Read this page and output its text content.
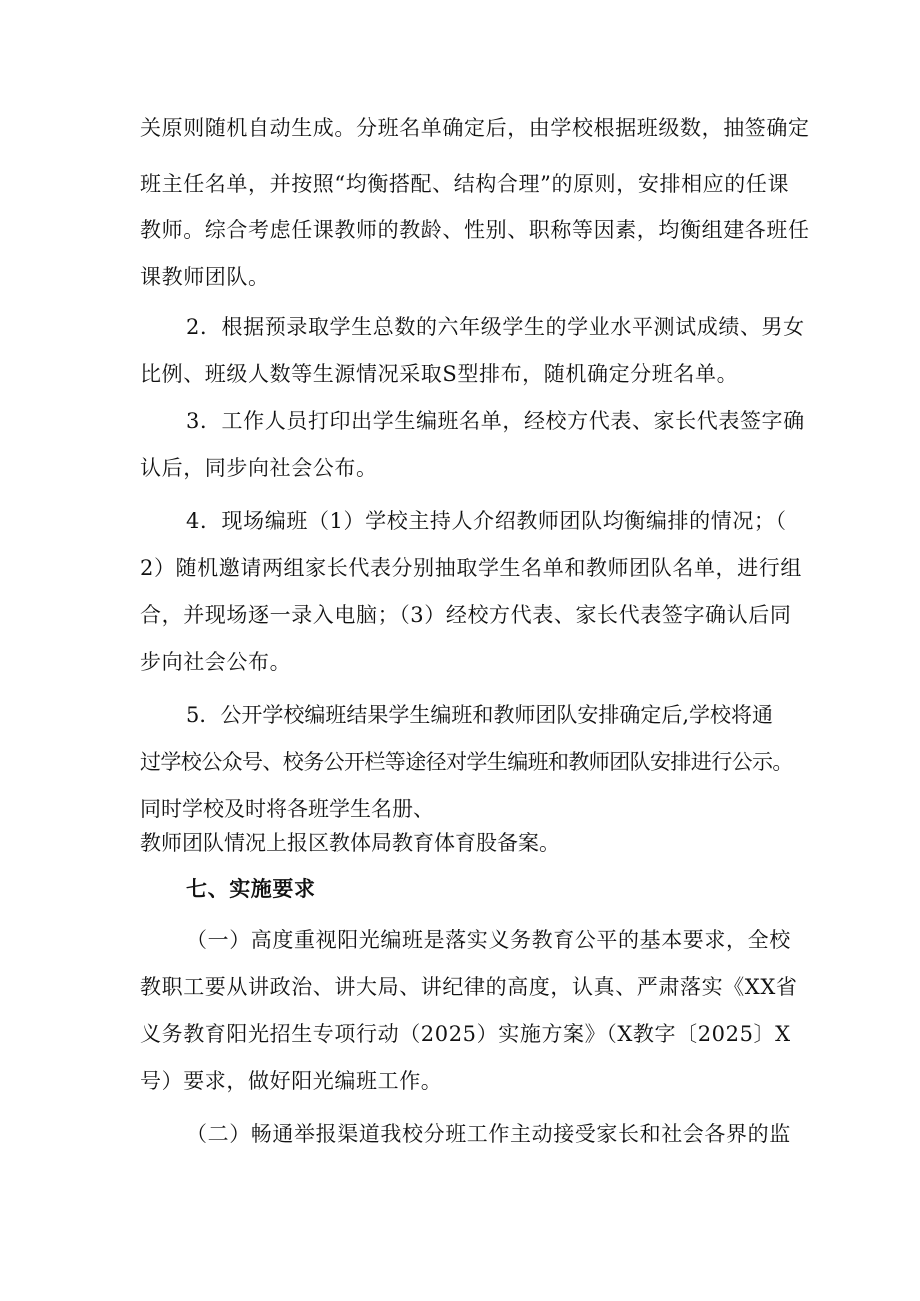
关原则随机自动生成。分班名单确定后，由学校根据班级数，抽签确定
班主任名单，并按照“均衡搭配、结构合理”的原则，安排相应的任课
教师。综合考虑任课教师的教龄、性别、职称等因素，均衡组建各班任
课教师团队。
2．根据预录取学生总数的六年级学生的学业水平测试成绩、男女
比例、班级人数等生源情况采取S型排布，随机确定分班名单。
3．工作人员打印出学生编班名单，经校方代表、家长代表签字确
认后，同步向社会公布。
4．现场编班（1）学校主持人介绍教师团队均衡编排的情况；（
2）随机邀请两组家长代表分别抽取学生名单和教师团队名单，进行组
合，并现场逐一录入电脑；（3）经校方代表、家长代表签字确认后同
步向社会公布。
5．公开学校编班结果学生编班和教师团队安排确定后,学校将通
过学校公众号、校务公开栏等途径对学生编班和教师团队安排进行公示。
同时学校及时将各班学生名册、
教师团队情况上报区教体局教育体育股备案。
七、实施要求
（一）高度重视阳光编班是落实义务教育公平的基本要求，全校
教职工要从讲政治、讲大局、讲纪律的高度，认真、严肃落实《XX省
义务教育阳光招生专项行动（2025）实施方案》（X教字〔2025〕X
号）要求，做好阳光编班工作。
（二）畅通举报渠道我校分班工作主动接受家长和社会各界的监
